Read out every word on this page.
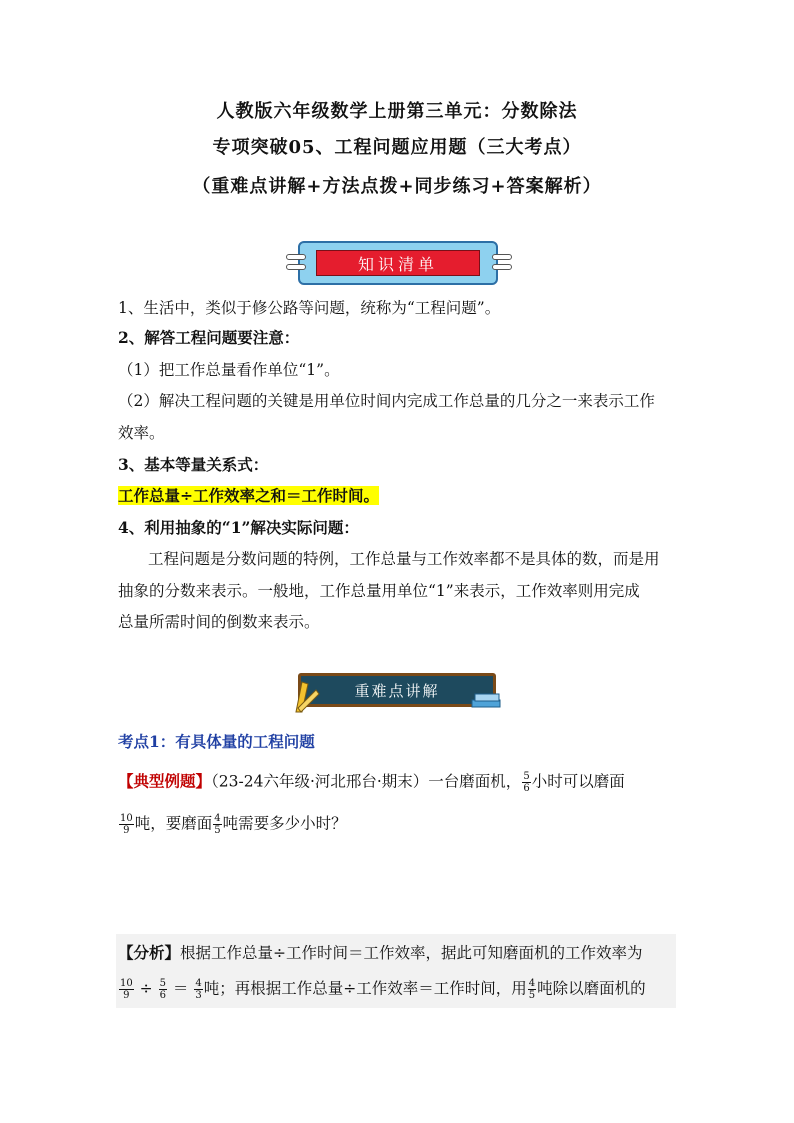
人教版六年级数学上册第三单元：分数除法
专项突破05、工程问题应用题（三大考点）
（重难点讲解+方法点拨+同步练习+答案解析）
知识清单
1、生活中，类似于修公路等问题，统称为“工程问题”。
2、解答工程问题要注意：
（1）把工作总量看作单位“1”。
（2）解决工程问题的关键是用单位时间内完成工作总量的几分之一来表示工作
效率。
3、基本等量关系式：
工作总量÷工作效率之和＝工作时间。
4、利用抽象的“1”解决实际问题：
工程问题是分数问题的特例，工作总量与工作效率都不是具体的数，而是用
抽象的分数来表示。一般地，工作总量用单位“1”来表示，工作效率则用完成
总量所需时间的倒数来表示。
重难点讲解
考点1：有具体量的工程问题
【典型例题】（23-24六年级·河北邢台·期末）一台磨面机， $\frac{5}{6}$ 小时可以磨面
$\frac{10}{9}$ 吨，要磨面 $\frac{4}{5}$ 吨需要多少小时？
【分析】根据工作总量÷工作时间＝工作效率，据此可知磨面机的工作效率为
$\frac{10}{9} \div \frac{5}{6} = \frac{4}{3}$ 吨；再根据工作总量÷工作效率＝工作时间，用 $\frac{4}{5}$ 吨除以磨面机的
